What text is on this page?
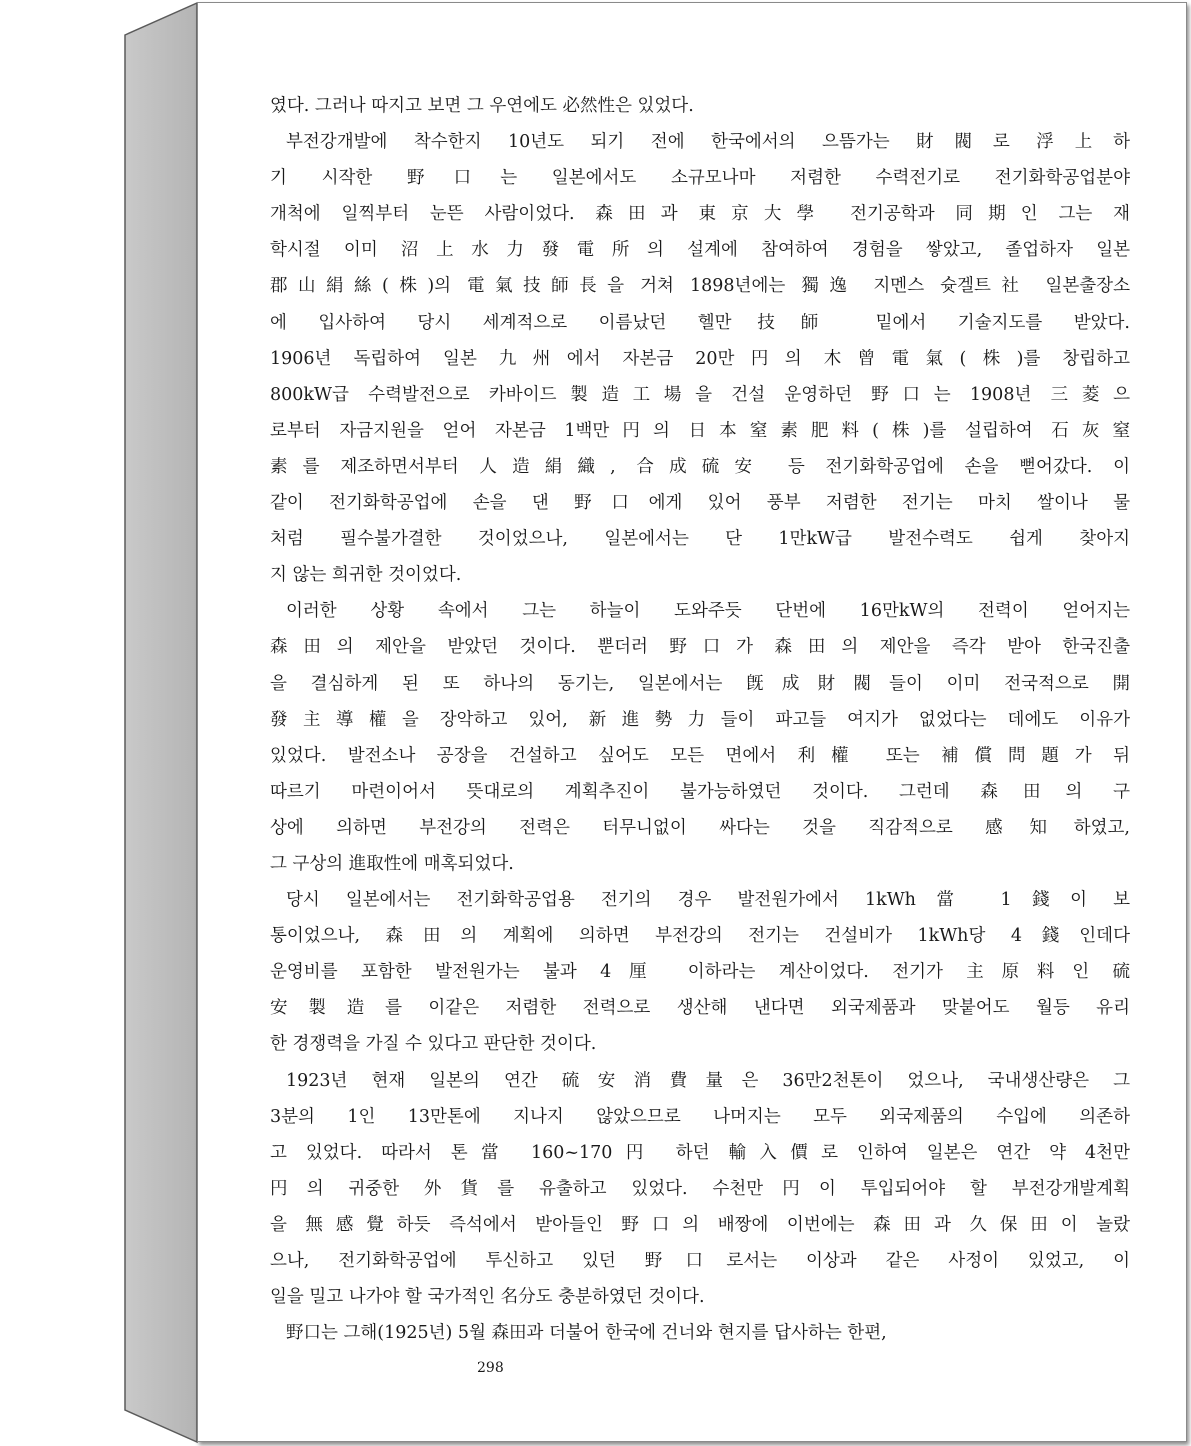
였다. 그러나 따지고 보면 그 우연에도 必然性은 있었다.
부전강개발에 착수한지 10년도 되기 전에 한국에서의 으뜸가는 財閥로 浮上하
기 시작한 野口는 일본에서도 소규모나마 저렴한 수력전기로 전기화학공업분야
개척에 일찍부터 눈뜬 사람이었다. 森田과 東京大學 전기공학과 同期인 그는 재
학시절 이미 沼上水力發電所의 설계에 참여하여 경험을 쌓았고, 졸업하자 일본
郡山絹絲(株)의 電氣技師長을 거쳐 1898년에는 獨逸 지멘스 슛겔트社 일본출장소
에 입사하여 당시 세계적으로 이름났던 헬만技師 밑에서 기술지도를 받았다.
1906년 독립하여 일본 九州에서 자본금 20만円의 木曾電氣(株)를 창립하고
800kW급 수력발전으로 카바이드製造工場을 건설 운영하던 野口는 1908년 三菱으
로부터 자금지원을 얻어 자본금 1백만円의 日本窒素肥料(株)를 설립하여 石灰窒
素를 제조하면서부터 人造絹織, 合成硫安 등 전기화학공업에 손을 뻗어갔다. 이
같이 전기화학공업에 손을 댄 野口에게 있어 풍부 저렴한 전기는 마치 쌀이나 물
처럼 필수불가결한 것이었으나, 일본에서는 단 1만kW급 발전수력도 쉽게 찾아지
지 않는 희귀한 것이었다.
이러한 상황 속에서 그는 하늘이 도와주듯 단번에 16만kW의 전력이 얻어지는
森田의 제안을 받았던 것이다. 뿐더러 野口가 森田의 제안을 즉각 받아 한국진출
을 결심하게 된 또 하나의 동기는, 일본에서는 旣成財閥들이 이미 전국적으로 開
發主導權을 장악하고 있어, 新進勢力들이 파고들 여지가 없었다는 데에도 이유가
있었다. 발전소나 공장을 건설하고 싶어도 모든 면에서 利權 또는 補償問題가 뒤
따르기 마련이어서 뜻대로의 계획추진이 불가능하였던 것이다. 그런데 森田의 구
상에 의하면 부전강의 전력은 터무니없이 싸다는 것을 직감적으로 感知하였고,
그 구상의 進取性에 매혹되었다.
당시 일본에서는 전기화학공업용 전기의 경우 발전원가에서 1kWh當 1錢이 보
통이었으나, 森田의 계획에 의하면 부전강의 전기는 건설비가 1kWh당 4錢인데다
운영비를 포함한 발전원가는 불과 4厘 이하라는 계산이었다. 전기가 主原料인 硫
安製造를 이같은 저렴한 전력으로 생산해 낸다면 외국제품과 맞붙어도 월등 유리
한 경쟁력을 가질 수 있다고 판단한 것이다.
1923년 현재 일본의 연간 硫安消費量은 36만2천톤이 었으나, 국내생산량은 그
3분의 1인 13만톤에 지나지 않았으므로 나머지는 모두 외국제품의 수입에 의존하
고 있었다. 따라서 톤當 160~170円 하던 輸入價로 인하여 일본은 연간 약 4천만
円의 귀중한 外貨를 유출하고 있었다. 수천만円이 투입되어야 할 부전강개발계획
을 無感覺하듯 즉석에서 받아들인 野口의 배짱에 이번에는 森田과 久保田이 놀랐
으나, 전기화학공업에 투신하고 있던 野口로서는 이상과 같은 사정이 있었고, 이
일을 밀고 나가야 할 국가적인 名分도 충분하였던 것이다.
野口는 그해(1925년) 5월 森田과 더불어 한국에 건너와 현지를 답사하는 한편,
298
